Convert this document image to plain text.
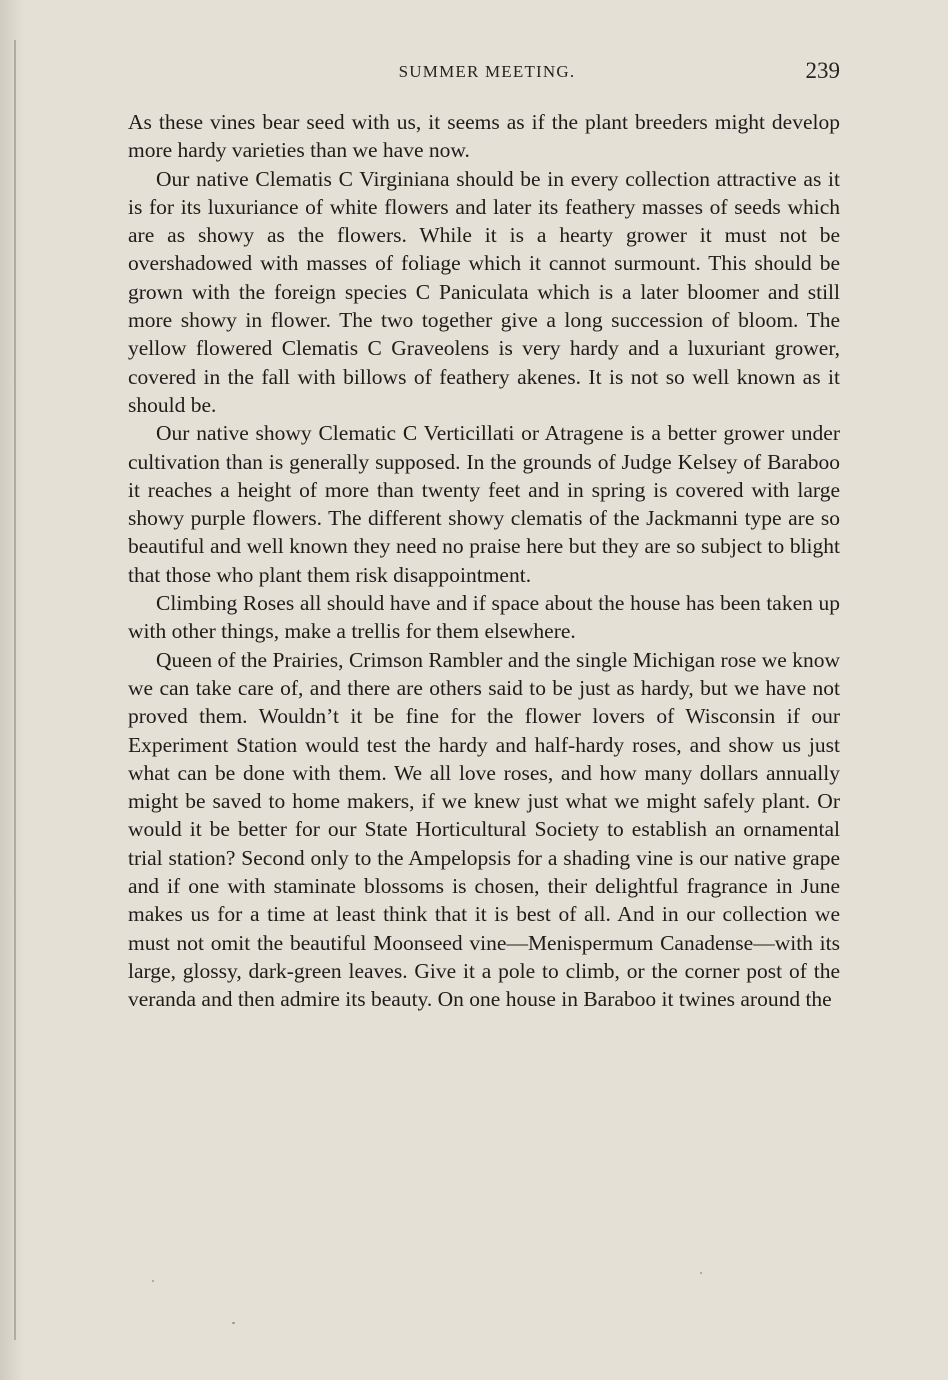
SUMMER MEETING.	239

As these vines bear seed with us, it seems as if the plant breeders might develop more hardy varieties than we have now.

Our native Clematis C Virginiana should be in every collection attractive as it is for its luxuriance of white flowers and later its feathery masses of seeds which are as showy as the flowers. While it is a hearty grower it must not be overshadowed with masses of foliage which it cannot surmount. This should be grown with the foreign species C Paniculata which is a later bloomer and still more showy in flower. The two together give a long succession of bloom. The yellow flowered Clematis C Graveolens is very hardy and a luxuriant grower, covered in the fall with billows of feathery akenes. It is not so well known as it should be.

Our native showy Clematic C Verticillati or Atragene is a better grower under cultivation than is generally supposed. In the grounds of Judge Kelsey of Baraboo it reaches a height of more than twenty feet and in spring is covered with large showy purple flowers. The different showy clematis of the Jackmanni type are so beautiful and well known they need no praise here but they are so subject to blight that those who plant them risk disappointment.

Climbing Roses all should have and if space about the house has been taken up with other things, make a trellis for them elsewhere.

Queen of the Prairies, Crimson Rambler and the single Michigan rose we know we can take care of, and there are others said to be just as hardy, but we have not proved them. Wouldn’t it be fine for the flower lovers of Wisconsin if our Experiment Station would test the hardy and half-hardy roses, and show us just what can be done with them. We all love roses, and how many dollars annually might be saved to home makers, if we knew just what we might safely plant. Or would it be better for our State Horticultural Society to establish an ornamental trial station? Second only to the Ampelopsis for a shading vine is our native grape and if one with staminate blossoms is chosen, their delightful fragrance in June makes us for a time at least think that it is best of all. And in our collection we must not omit the beautiful Moonseed vine—Menispermum Canadense—with its large, glossy, dark-green leaves. Give it a pole to climb, or the corner post of the veranda and then admire its beauty. On one house in Baraboo it twines around the
